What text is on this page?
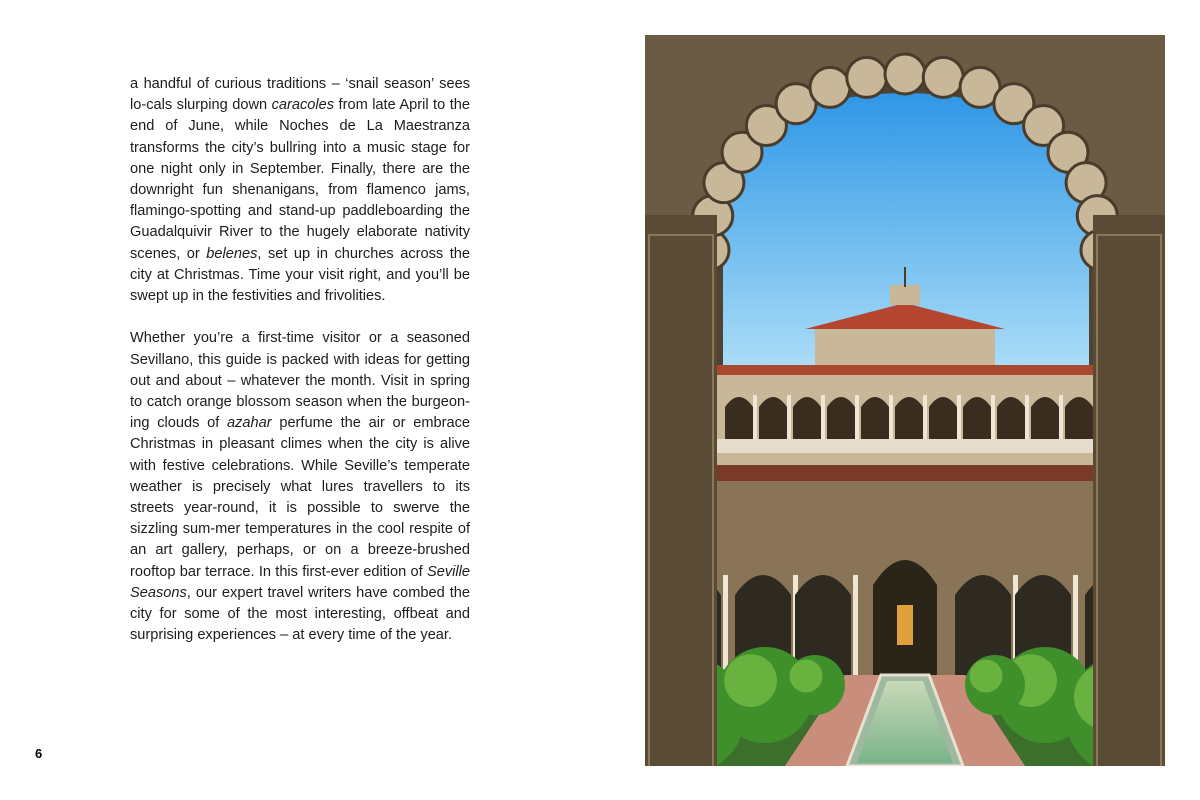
a handful of curious traditions – ‘snail season’ sees lo-cals slurping down caracoles from late April to the end of June, while Noches de La Maestranza transforms the city’s bullring into a music stage for one night only in September. Finally, there are the downright fun shenanigans, from flamenco jams, flamingo-spotting and stand-up paddleboarding the Guadalquivir River to the hugely elaborate nativity scenes, or belenes, set up in churches across the city at Christmas. Time your visit right, and you’ll be swept up in the festivities and frivolities.

Whether you’re a first-time visitor or a seasoned Sevillano, this guide is packed with ideas for getting out and about – whatever the month. Visit in spring to catch orange blossom season when the burgeon-ing clouds of azahar perfume the air or embrace Christmas in pleasant climes when the city is alive with festive celebrations. While Seville’s temperate weather is precisely what lures travellers to its streets year-round, it is possible to swerve the sizzling sum-mer temperatures in the cool respite of an art gallery, perhaps, or on a breeze-brushed rooftop bar terrace. In this first-ever edition of Seville Seasons, our expert travel writers have combed the city for some of the most interesting, offbeat and surprising experiences – at every time of the year.

6
